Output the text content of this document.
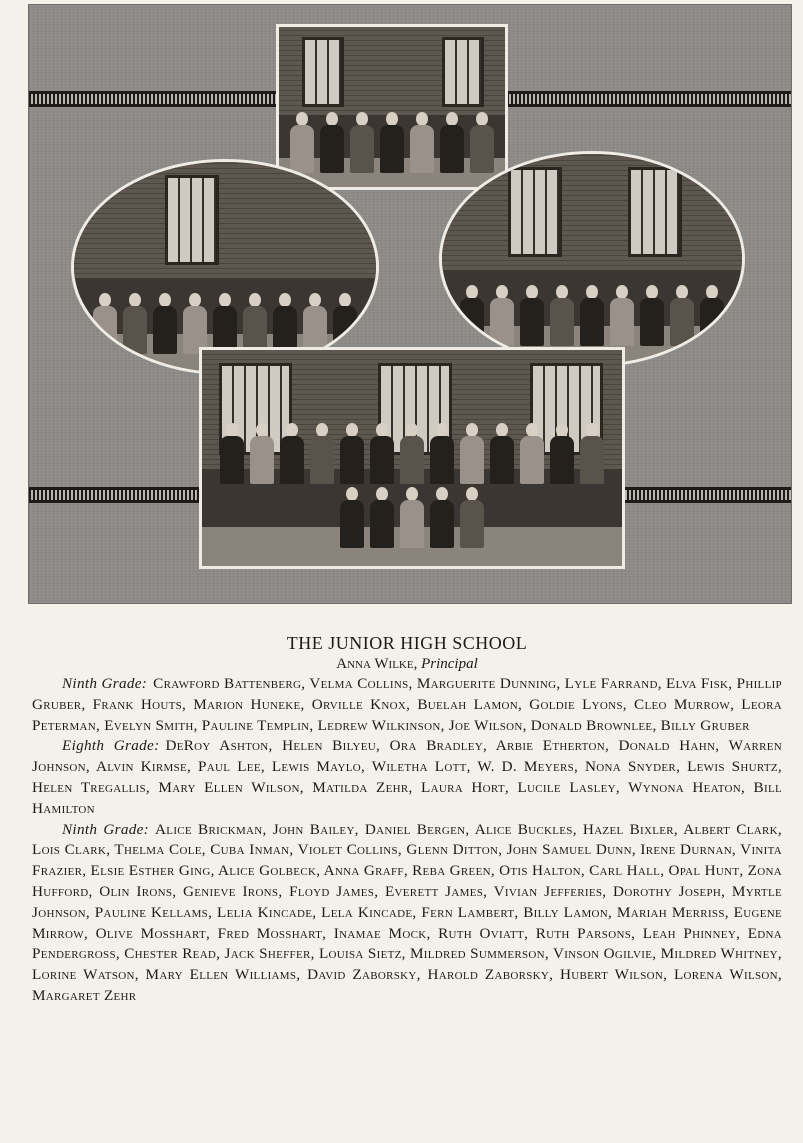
THE JUNIOR HIGH SCHOOL

Anna Wilke, Principal

Ninth Grade: Crawford Battenberg, Velma Collins, Marguerite Dunning, Lyle Farrand, Elva Fisk, Phillip Gruber, Frank Houts, Marion Huneke, Orville Knox, Buelah Lamon, Goldie Lyons, Cleo Murrow, Leora Peterman, Evelyn Smith, Pauline Templin, Ledrew Wilkinson, Joe Wilson, Donald Brownlee, Billy Gruber

Eighth Grade: DeRoy Ashton, Helen Bilyeu, Ora Bradley, Arbie Etherton, Donald Hahn, Warren Johnson, Alvin Kirmse, Paul Lee, Lewis Maylo, Wiletha Lott, W. D. Meyers, Nona Snyder, Lewis Shurtz, Helen Tregallis, Mary Ellen Wilson, Matilda Zehr, Laura Hort, Lucile Lasley, Wynona Heaton, Bill Hamilton

Ninth Grade: Alice Brickman, John Bailey, Daniel Bergen, Alice Buckles, Hazel Bixler, Albert Clark, Lois Clark, Thelma Cole, Cuba Inman, Violet Collins, Glenn Ditton, John Samuel Dunn, Irene Durnan, Vinita Frazier, Elsie Esther Ging, Alice Golbeck, Anna Graff, Reba Green, Otis Halton, Carl Hall, Opal Hunt, Zona Hufford, Olin Irons, Genieve Irons, Floyd James, Everett James, Vivian Jefferies, Dorothy Joseph, Myrtle Johnson, Pauline Kellams, Lelia Kincade, Lela Kincade, Fern Lambert, Billy Lamon, Mariah Merriss, Eugene Mirrow, Olive Mosshart, Fred Mosshart, Inamae Mock, Ruth Oviatt, Ruth Parsons, Leah Phinney, Edna Pendergross, Chester Read, Jack Sheffer, Louisa Sietz, Mildred Summerson, Vinson Ogilvie, Mildred Whitney, Lorine Watson, Mary Ellen Williams, David Zaborsky, Harold Zaborsky, Hubert Wilson, Lorena Wilson, Margaret Zehr
